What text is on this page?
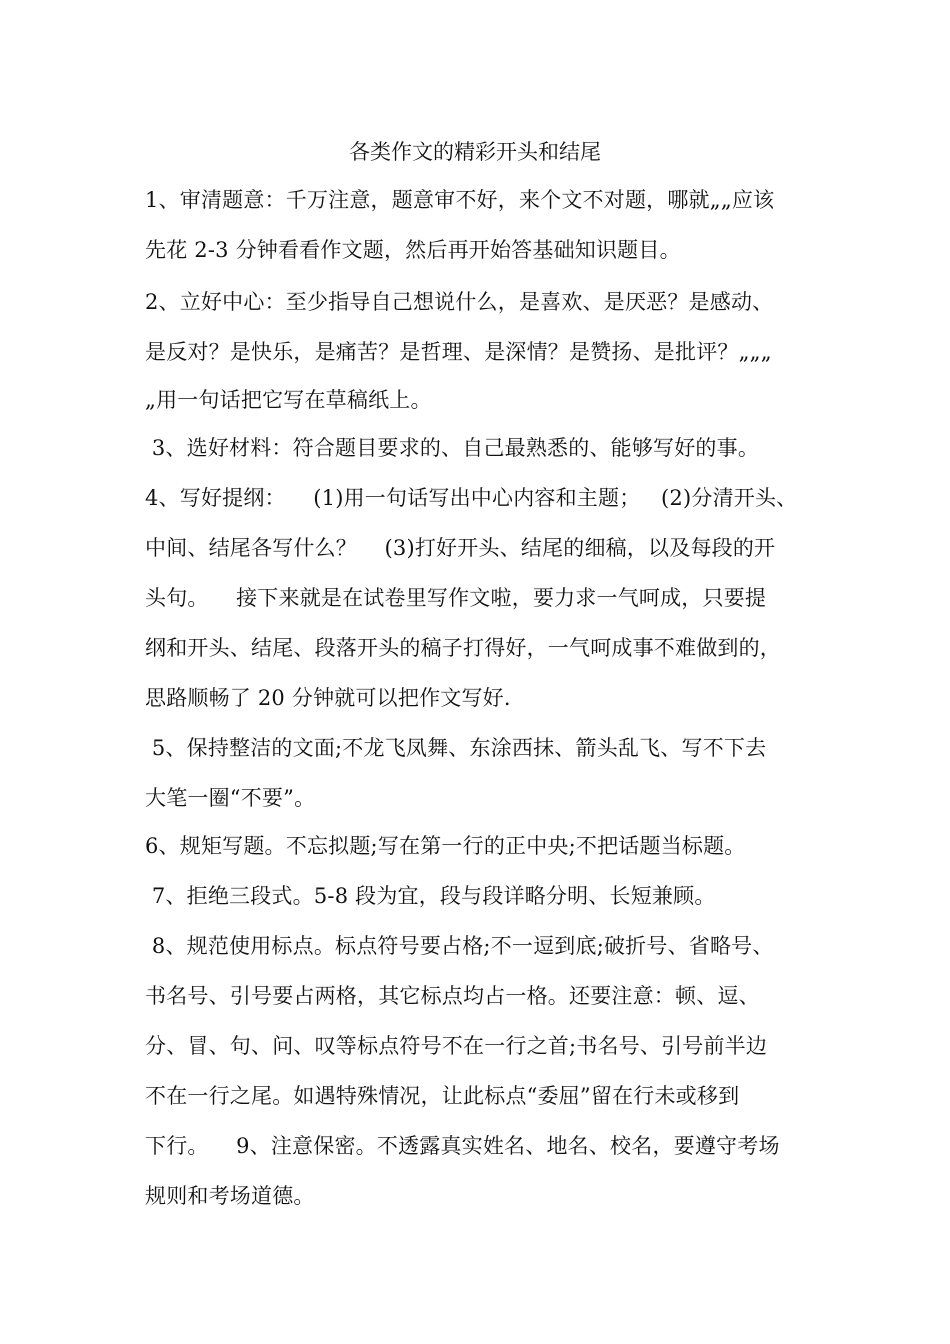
各类作文的精彩开头和结尾
1、审清题意：千万注意，题意审不好，来个文不对题，哪就„„应该
先花 2-3 分钟看看作文题，然后再开始答基础知识题目。
2、立好中心：至少指导自己想说什么，是喜欢、是厌恶？是感动、
是反对？是快乐，是痛苦？是哲理、是深情？是赞扬、是批评？„„„
„用一句话把它写在草稿纸上。
3、选好材料：符合题目要求的、自己最熟悉的、能够写好的事。
4、写好提纲：    (1)用一句话写出中心内容和主题；   (2)分清开头、
中间、结尾各写什么？    (3)打好开头、结尾的细稿，以及每段的开
头句。    接下来就是在试卷里写作文啦，要力求一气呵成，只要提
纲和开头、结尾、段落开头的稿子打得好，一气呵成事不难做到的，
思路顺畅了 20 分钟就可以把作文写好.
5、保持整洁的文面;不龙飞凤舞、东涂西抹、箭头乱飞、写不下去
大笔一圈“不要”。
6、规矩写题。不忘拟题;写在第一行的正中央;不把话题当标题。
7、拒绝三段式。5-8 段为宜，段与段详略分明、长短兼顾。
8、规范使用标点。标点符号要占格;不一逗到底;破折号、省略号、
书名号、引号要占两格，其它标点均占一格。还要注意：顿、逗、
分、冒、句、问、叹等标点符号不在一行之首;书名号、引号前半边
不在一行之尾。如遇特殊情况，让此标点“委屈”留在行未或移到
下行。    9、注意保密。不透露真实姓名、地名、校名，要遵守考场
规则和考场道德。
